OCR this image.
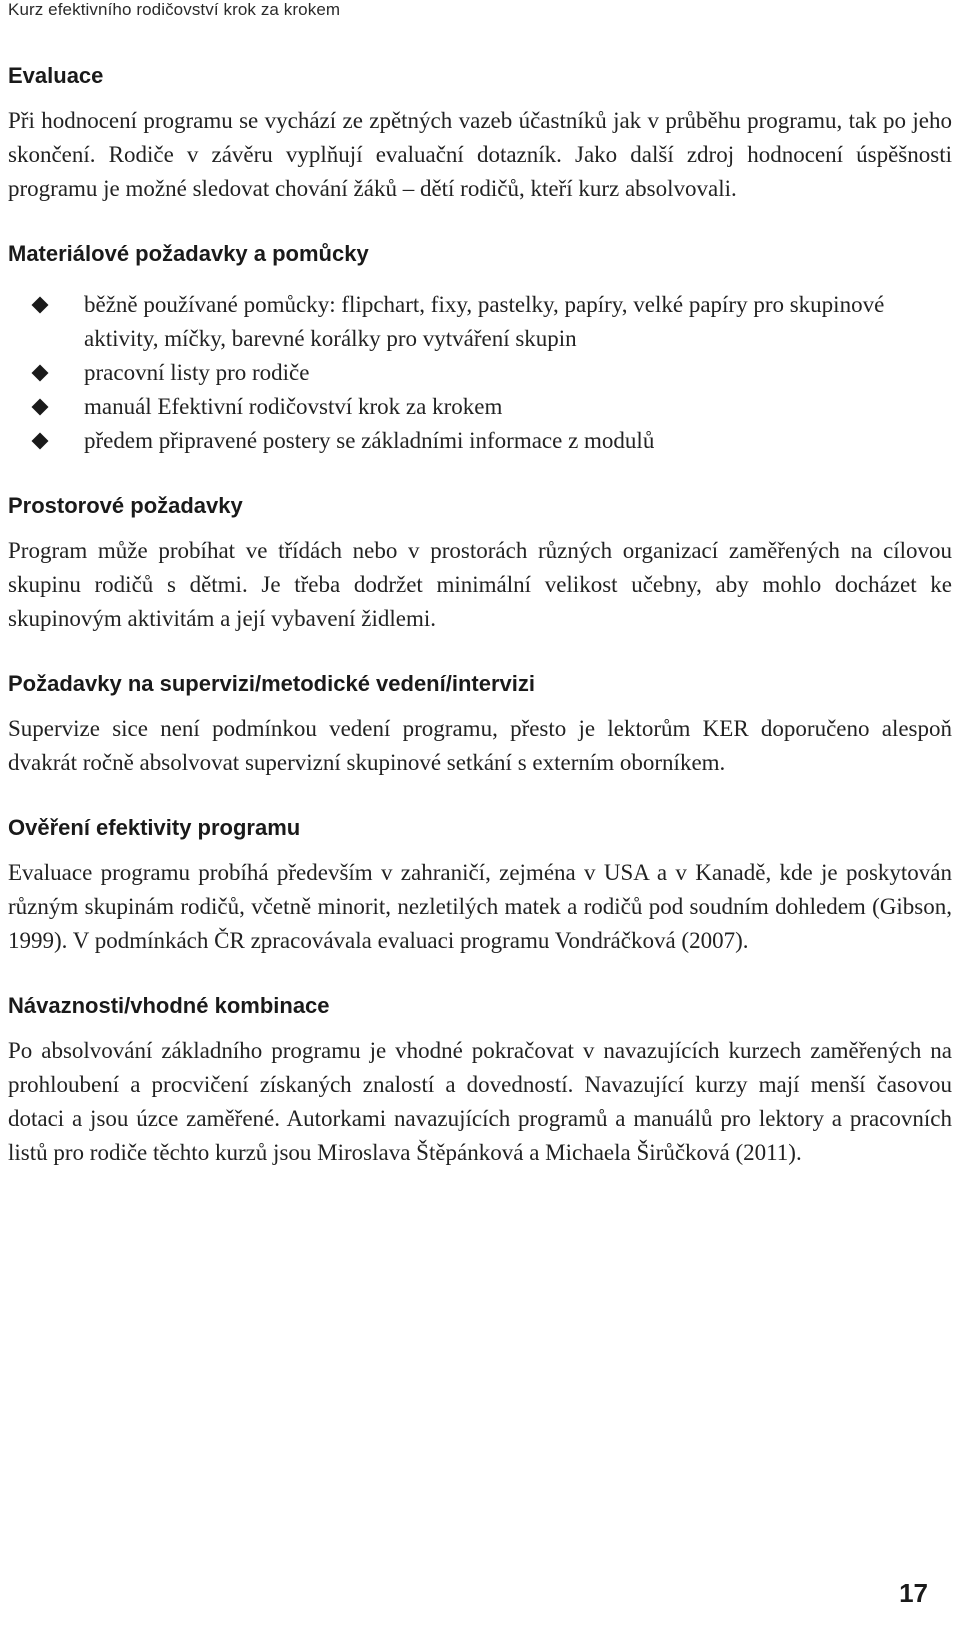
Kurz efektivního rodičovství krok za krokem
Evaluace

Při hodnocení programu se vychází ze zpětných vazeb účastníků jak v průběhu programu, tak po jeho skončení. Rodiče v závěru vyplňují evaluační dotazník. Jako další zdroj hodnocení úspěšnosti programu je možné sledovat chování žáků – dětí rodičů, kteří kurz absolvovali.

Materiálové požadavky a pomůcky
běžně používané pomůcky: flipchart, fixy, pastelky, papíry, velké papíry pro skupinové aktivity, míčky, barevné korálky pro vytváření skupin
pracovní listy pro rodiče
manuál Efektivní rodičovství krok za krokem
předem připravené postery se základními informace z modulů
Prostorové požadavky

Program může probíhat ve třídách nebo v prostorách různých organizací zaměřených na cílovou skupinu rodičů s dětmi. Je třeba dodržet minimální velikost učebny, aby mohlo docházet ke skupinovým aktivitám a její vybavení židlemi.

Požadavky na supervizi/metodické vedení/intervizi

Supervize sice není podmínkou vedení programu, přesto je lektorům KER doporučeno alespoň dvakrát ročně absolvovat supervizní skupinové setkání s externím oborníkem.

Ověření efektivity programu

Evaluace programu probíhá především v zahraničí, zejména v USA a v Kanadě, kde je poskytován různým skupinám rodičů, včetně minorit, nezletilých matek a rodičů pod soudním dohledem (Gibson, 1999). V podmínkách ČR zpracovávala evaluaci programu Vondráčková (2007).

Návaznosti/vhodné kombinace

Po absolvování základního programu je vhodné pokračovat v navazujících kurzech zaměřených na prohloubení a procvičení získaných znalostí a dovedností. Navazující kurzy mají menší časovou dotaci a jsou úzce zaměřené. Autorkami navazujících programů a manuálů pro lektory a pracovních listů pro rodiče těchto kurzů jsou Miroslava Štěpánková a Michaela Širůčková (2011).

17
